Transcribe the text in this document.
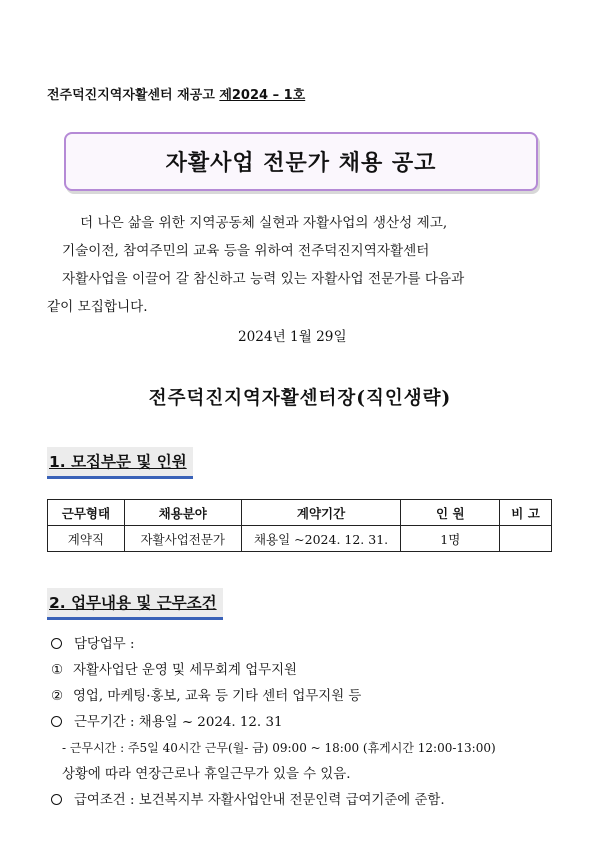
전주덕진지역자활센터 재공고 제2024 – 1호
자활사업 전문가 채용 공고
더 나은 삶을 위한 지역공동체 실현과 자활사업의 생산성 제고,
기술이전, 참여주민의 교육 등을 위하여 전주덕진지역자활센터
자활사업을 이끌어 갈 참신하고 능력 있는 자활사업 전문가를 다음과
같이 모집합니다.
2024년 1월 29일
전주덕진지역자활센터장(직인생략)
1. 모집부문 및 인원
근무형태	채용분야	계약기간	인 원	비 고
계약직	자활사업전문가	채용일 ~2024. 12. 31.	1명	
2. 업무내용 및 근무조건
담당업무 :
① 자활사업단 운영 및 세무회계 업무지원
② 영업, 마케팅·홍보, 교육 등 기타 센터 업무지원 등
근무기간 : 채용일 ~ 2024. 12. 31
- 근무시간 : 주5일 40시간 근무(월- 금) 09:00 ~ 18:00 (휴게시간 12:00-13:00)
상황에 따라 연장근로나 휴일근무가 있을 수 있음.
급여조건 : 보건복지부 자활사업안내 전문인력 급여기준에 준함.
